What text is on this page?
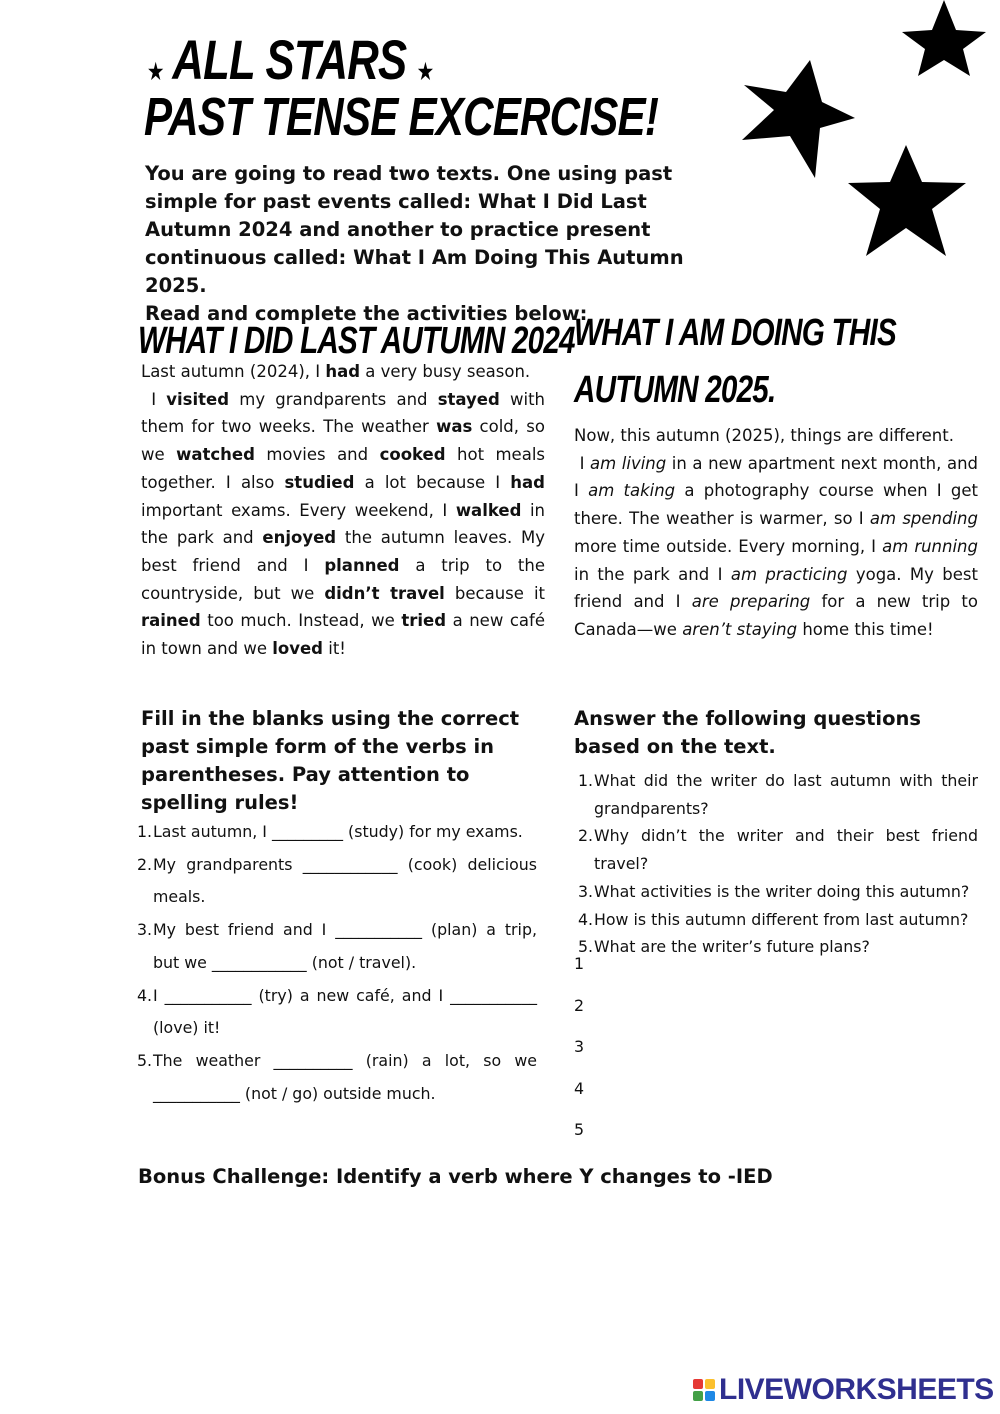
★ ALL STARS ★
PAST TENSE EXCERCISE!

You are going to read two texts. One using past simple for past events called: What I Did Last Autumn 2024 and another to practice present continuous called: What I Am Doing This Autumn 2025.

Read and complete the activities below:

WHAT I DID LAST AUTUMN 2024
Last autumn (2024), I had a very busy season.
I visited my grandparents and stayed with them for two weeks. The weather was cold, so we watched movies and cooked hot meals together. I also studied a lot because I had important exams. Every weekend, I walked in the park and enjoyed the autumn leaves. My best friend and I planned a trip to the countryside, but we didn’t travel because it rained too much. Instead, we tried a new café in town and we loved it!
WHAT I AM DOING THIS AUTUMN 2025.
Now, this autumn (2025), things are different.
I am living in a new apartment next month, and I am taking a photography course when I get there. The weather is warmer, so I am spending more time outside. Every morning, I am running in the park and I am practicing yoga. My best friend and I are preparing for a new trip to Canada—we aren’t staying home this time!
Fill in the blanks using the correct past simple form of the verbs in parentheses. Pay attention to spelling rules!
1. Last autumn, I _________ (study) for my exams.
2. My grandparents ____________ (cook) delicious meals.
3. My best friend and I ___________ (plan) a trip, but we ____________ (not / travel).
4. I ___________ (try) a new café, and I ___________ (love) it!
5. The weather __________ (rain) a lot, so we ___________ (not / go) outside much.
Answer the following questions based on the text.
1. What did the writer do last autumn with their grandparents?
2. Why didn’t the writer and their best friend travel?
3. What activities is the writer doing this autumn?
4. How is this autumn different from last autumn?
5. What are the writer’s future plans?
1
2
3
4
5
Bonus Challenge: Identify a verb where Y changes to -IED
LIVEWORKSHEETS
